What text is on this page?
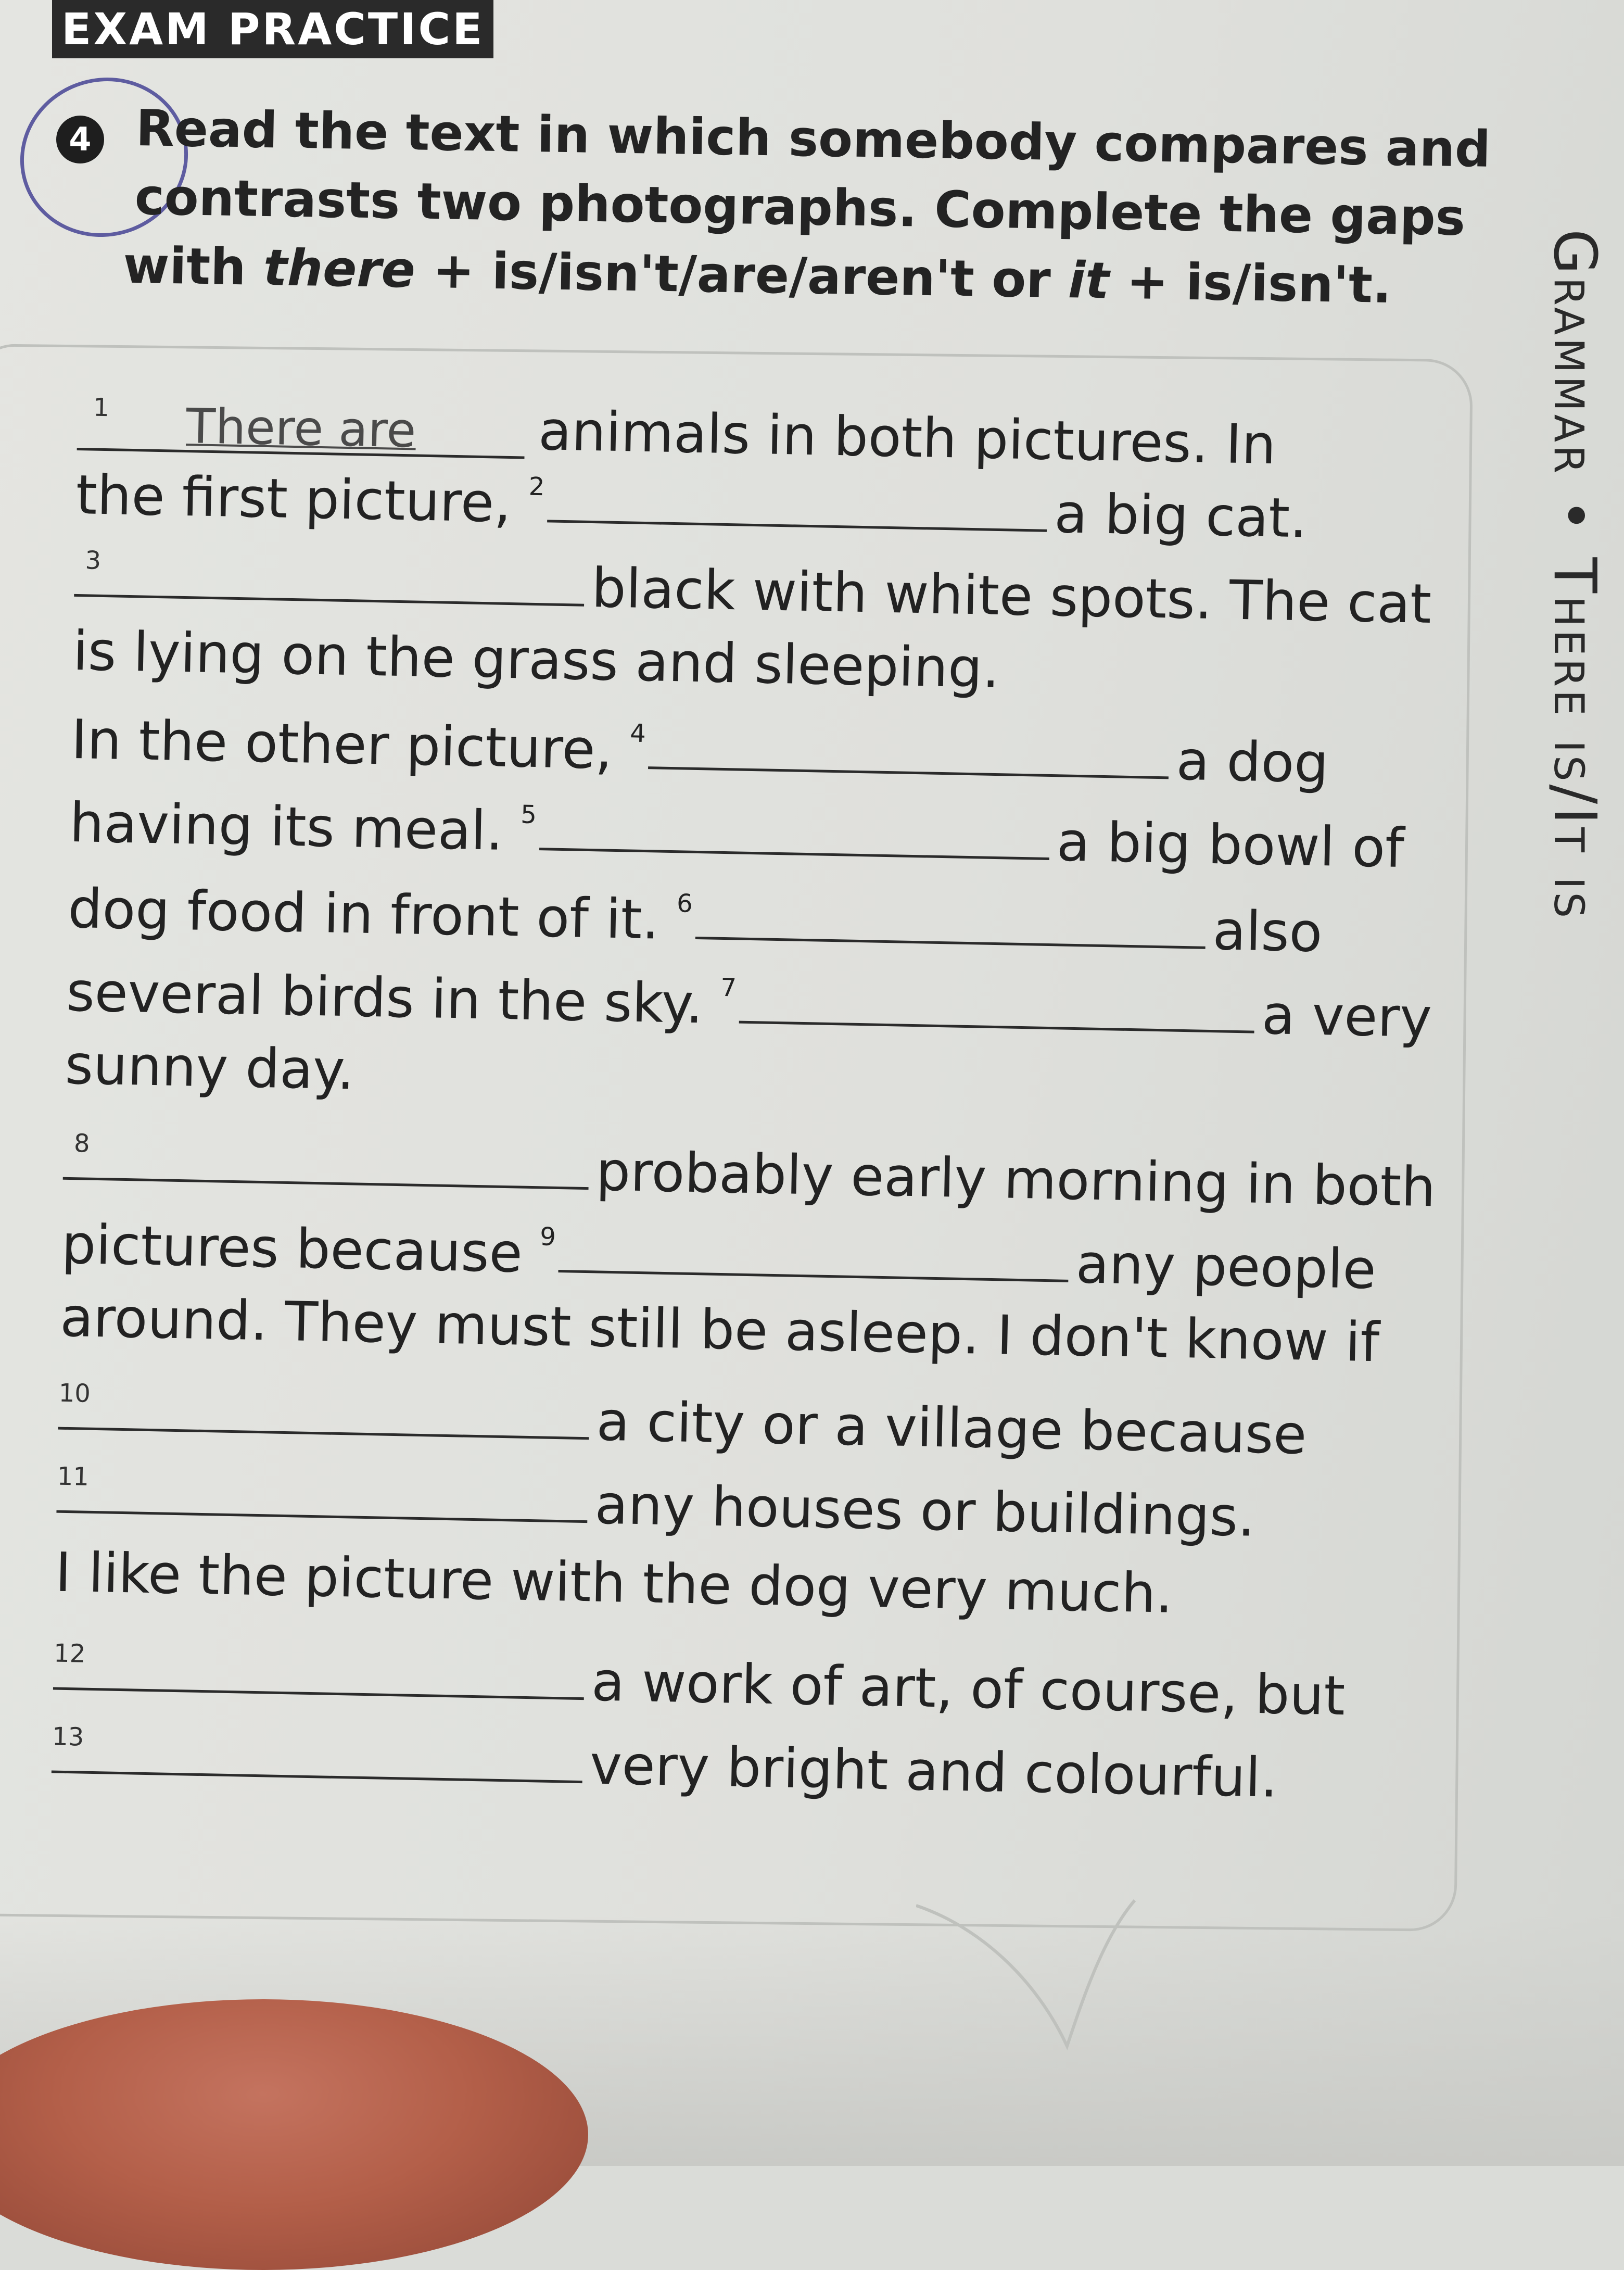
EXAM PRACTICE
4 Read the text in which somebody compares and
contrasts two photographs. Complete the gaps
with there + is/isn't/are/aren't or it + is/isn't.	Grammar • There is/It is
1 There are animals in both pictures. In
the first picture, $^2$	a big cat.
3	black with white spots. The cat
is lying on the grass and sleeping.
In the other picture, $^4$	a dog
having its meal. $^5$	a big bowl of
dog food in front of it. $^6$	also
several birds in the sky. $^7$	a very
sunny day.
8	probably early morning in both
pictures because $^9$	any people
around. They must still be asleep. I don't know if
10	a city or a village because
11	any houses or buildings.
I like the picture with the dog very much.
12	a work of art, of course, but
13	very bright and colourful.
